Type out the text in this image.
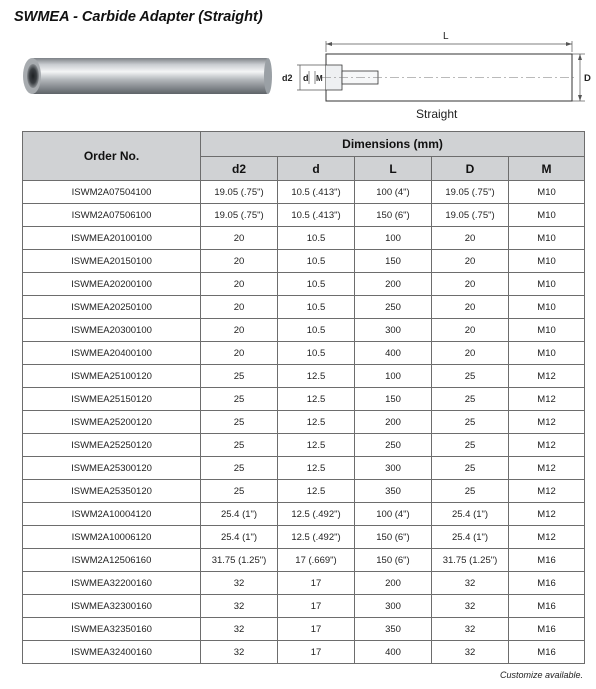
SWMEA - Carbide Adapter (Straight)
L
D
d2 d M
Straight
Order No.	Dimensions (mm)				
	d2	d	L	D	M
ISWM2A07504100	19.05 (.75")	10.5 (.413")	100 (4")	19.05 (.75")	M10
ISWM2A07506100	19.05 (.75")	10.5 (.413")	150 (6")	19.05 (.75")	M10
ISWMEA20100100	20	10.5	100	20	M10
ISWMEA20150100	20	10.5	150	20	M10
ISWMEA20200100	20	10.5	200	20	M10
ISWMEA20250100	20	10.5	250	20	M10
ISWMEA20300100	20	10.5	300	20	M10
ISWMEA20400100	20	10.5	400	20	M10
ISWMEA25100120	25	12.5	100	25	M12
ISWMEA25150120	25	12.5	150	25	M12
ISWMEA25200120	25	12.5	200	25	M12
ISWMEA25250120	25	12.5	250	25	M12
ISWMEA25300120	25	12.5	300	25	M12
ISWMEA25350120	25	12.5	350	25	M12
ISWM2A10004120	25.4 (1")	12.5 (.492")	100 (4")	25.4 (1")	M12
ISWM2A10006120	25.4 (1")	12.5 (.492")	150 (6")	25.4 (1")	M12
ISWM2A12506160	31.75 (1.25")	17 (.669")	150 (6")	31.75 (1.25")	M16
ISWMEA32200160	32	17	200	32	M16
ISWMEA32300160	32	17	300	32	M16
ISWMEA32350160	32	17	350	32	M16
ISWMEA32400160	32	17	400	32	M16
Customize available.
